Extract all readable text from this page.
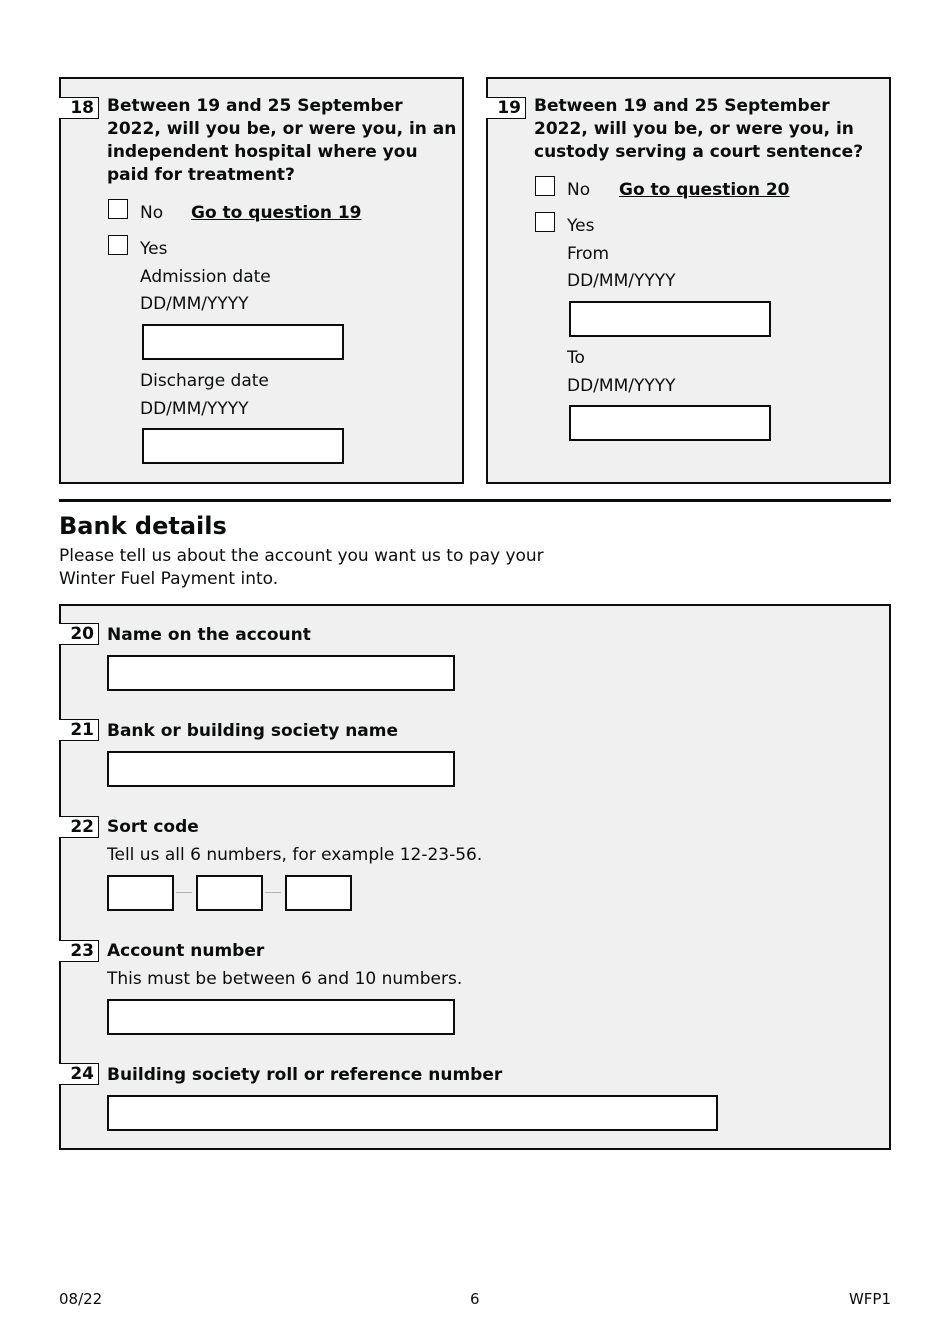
18 Between 19 and 25 September 2022, will you be, or were you, in an independent hospital where you paid for treatment?
No Go to question 19
Yes
Admission date
DD/MM/YYYY
Discharge date
DD/MM/YYYY
19 Between 19 and 25 September 2022, will you be, or were you, in custody serving a court sentence?
No Go to question 20
Yes
From
DD/MM/YYYY
To
DD/MM/YYYY
Bank details
Please tell us about the account you want us to pay your Winter Fuel Payment into.
20 Name on the account
21 Bank or building society name
22 Sort code
Tell us all 6 numbers, for example 12-23-56.
23 Account number
This must be between 6 and 10 numbers.
24 Building society roll or reference number
08/22	6	WFP1
